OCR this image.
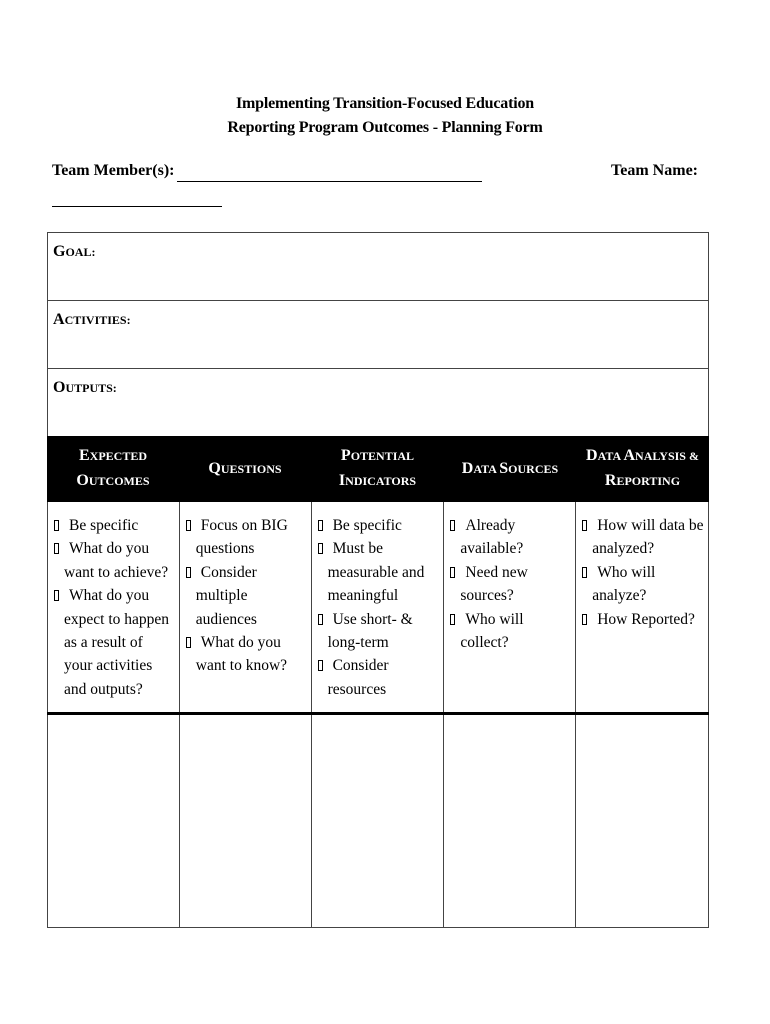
Implementing Transition-Focused Education
Reporting Program Outcomes - Planning Form
Team Member(s):	Team Name:
GOAL:
ACTIVITIES:
OUTPUTS:
EXPECTED
OUTCOMES
QUESTIONS
POTENTIAL
INDICATORS
DATA SOURCES
DATA ANALYSIS &
REPORTING
Be specific
What do you want to achieve?
What do you expect to happen as a result of your activities and outputs?
Focus on BIG questions
Consider multiple audiences
What do you want to know?
Be specific
Must be measurable and meaningful
Use short- & long-term
Consider resources
Already available?
Need new sources?
Who will collect?
How will data be analyzed?
Who will analyze?
How Reported?
